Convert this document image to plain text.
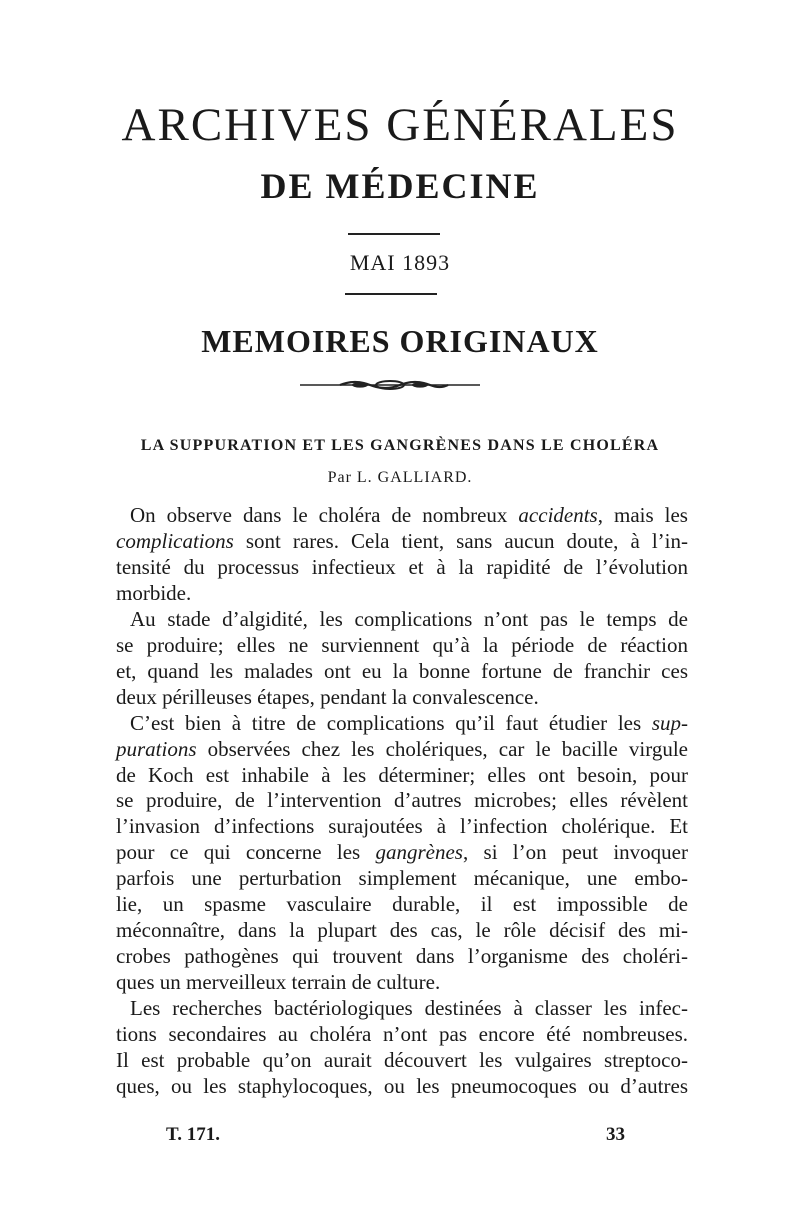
ARCHIVES GÉNÉRALES
DE MÉDECINE
MAI 1893
MEMOIRES ORIGINAUX
LA SUPPURATION ET LES GANGRÈNES DANS LE CHOLÉRA
Par L. GALLIARD.

On observe dans le choléra de nombreux accidents, mais les
complications sont rares. Cela tient, sans aucun doute, à l’in-
tensité du processus infectieux et à la rapidité de l’évolution
morbide.

Au stade d’algidité, les complications n’ont pas le temps de
se produire; elles ne surviennent qu’à la période de réaction
et, quand les malades ont eu la bonne fortune de franchir ces
deux périlleuses étapes, pendant la convalescence.

C’est bien à titre de complications qu’il faut étudier les sup-
purations observées chez les cholériques, car le bacille virgule
de Koch est inhabile à les déterminer; elles ont besoin, pour
se produire, de l’intervention d’autres microbes; elles révèlent
l’invasion d’infections surajoutées à l’infection cholérique. Et
pour ce qui concerne les gangrènes, si l’on peut invoquer
parfois une perturbation simplement mécanique, une embo-
lie, un spasme vasculaire durable, il est impossible de
méconnaître, dans la plupart des cas, le rôle décisif des mi-
crobes pathogènes qui trouvent dans l’organisme des choléri-
ques un merveilleux terrain de culture.

Les recherches bactériologiques destinées à classer les infec-
tions secondaires au choléra n’ont pas encore été nombreuses.
Il est probable qu’on aurait découvert les vulgaires streptoco-
ques, ou les staphylocoques, ou les pneumocoques ou d’autres

T. 171.	33
